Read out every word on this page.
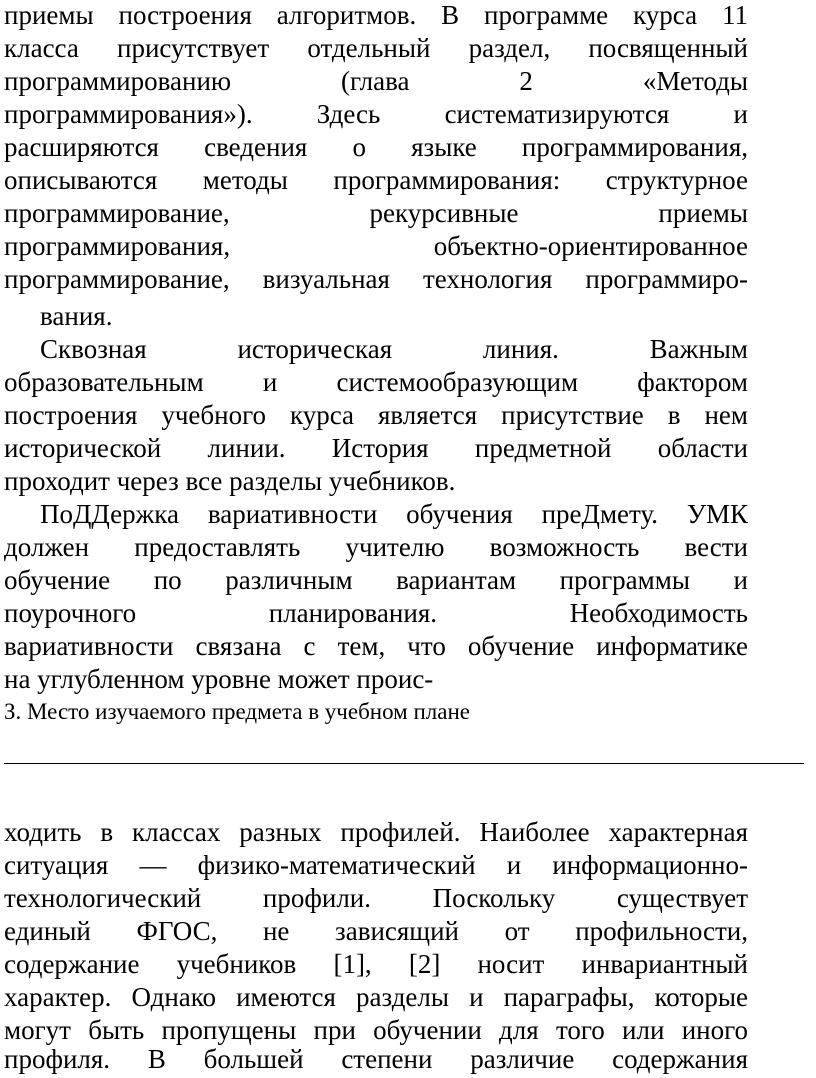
приемы построения алгоритмов. В программе курса 11
класса присутствует отдельный раздел, посвященный
программированию (глава 2 «Методы
программирования»). Здесь систематизируются и
расширяются сведения о языке программирования,
описываются методы программирования: структурное
программирование, рекурсивные приемы
программирования, объектно-ориентированное
программирование, визуальная технология программиро-
вания.
Сквозная историческая линия. Важным
образовательным и системообразующим фактором
построения учебного курса является присутствие в нем
исторической линии. История предметной области
проходит через все разделы учебников.
ПоДДержка вариативности обучения преДмету. УМК
должен предоставлять учителю возможность вести
обучение по различным вариантам программы и
поурочного планирования. Необходимость
вариативности связана с тем, что обучение информатике
на углубленном уровне может проис-
З. Место изучаемого предмета в учебном плане
ходить в классах разных профилей. Наиболее характерная
ситуация — физико-математический и информационно-
технологический профили. Поскольку существует
единый ФГОС, не зависящий от профильности,
содержание учебников [1], [2] носит инвариантный
характер. Однако имеются разделы и параграфы, которые
могут быть пропущены при обучении для того или иного
профиля. В большей степени различие содержания
